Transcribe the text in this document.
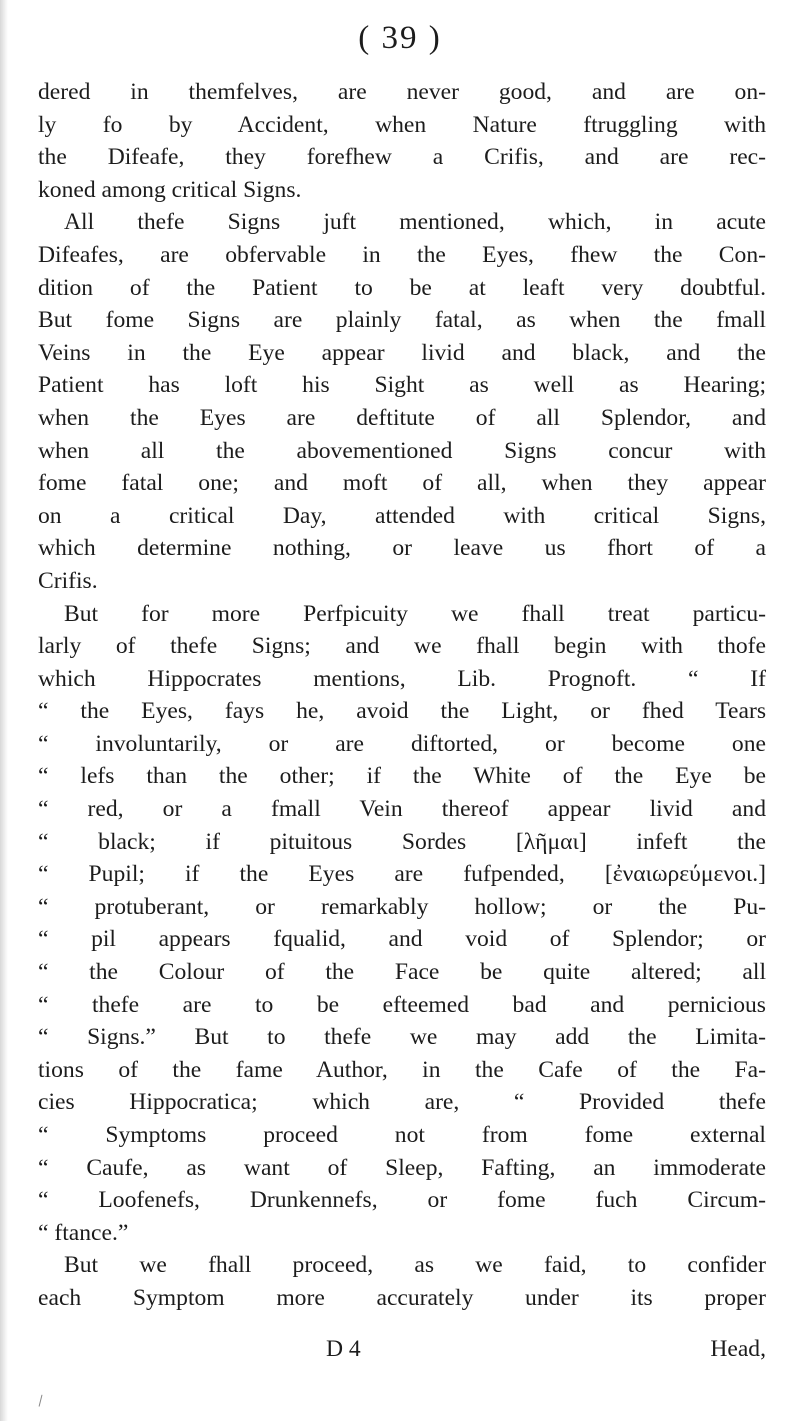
( 39 )
dered in themfelves, are never good, and are on-
ly fo by Accident, when Nature ftruggling with
the Difeafe, they forefhew a Crifis, and are rec-
koned among critical Signs.
All thefe Signs juft mentioned, which, in acute
Difeafes, are obfervable in the Eyes, fhew the Con-
dition of the Patient to be at leaft very doubtful.
But fome Signs are plainly fatal, as when the fmall
Veins in the Eye appear livid and black, and the
Patient has loft his Sight as well as Hearing;
when the Eyes are deftitute of all Splendor, and
when all the abovementioned Signs concur with
fome fatal one; and moft of all, when they appear
on a critical Day, attended with critical Signs,
which determine nothing, or leave us fhort of a
Crifis.
But for more Perfpicuity we fhall treat particu-
larly of thefe Signs; and we fhall begin with thofe
which Hippocrates mentions, Lib. Prognoft. “ If
“ the Eyes, fays he, avoid the Light, or fhed Tears
“ involuntarily, or are diftorted, or become one
“ lefs than the other; if the White of the Eye be
“ red, or a fmall Vein thereof appear livid and
“ black; if pituitous Sordes [λῆμαι] infeft the
“ Pupil; if the Eyes are fufpended, [ἐναιωρεύμενοι.]
“ protuberant, or remarkably hollow; or the Pu-
“ pil appears fqualid, and void of Splendor; or
“ the Colour of the Face be quite altered; all
“ thefe are to be efteemed bad and pernicious
“ Signs.” But to thefe we may add the Limita-
tions of the fame Author, in the Cafe of the Fa-
cies Hippocratica; which are, “ Provided thefe
“ Symptoms proceed not from fome external
“ Caufe, as want of Sleep, Fafting, an immoderate
“ Loofenefs, Drunkennefs, or fome fuch Circum-
“ ftance.”
But we fhall proceed, as we faid, to confider
each Symptom more accurately under its proper
D 4	Head,
